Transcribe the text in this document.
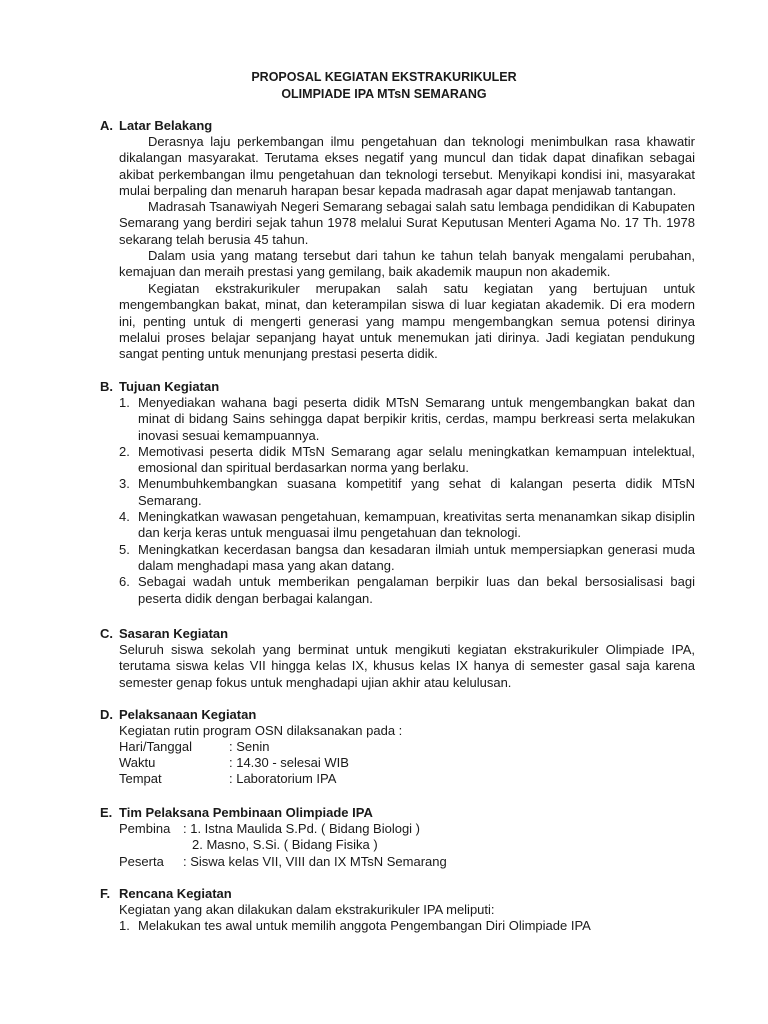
PROPOSAL KEGIATAN EKSTRAKURIKULER
OLIMPIADE IPA MTsN SEMARANG
A. Latar Belakang

Derasnya laju perkembangan ilmu pengetahuan dan teknologi menimbulkan rasa khawatir dikalangan masyarakat. Terutama ekses negatif yang muncul dan tidak dapat dinafikan sebagai akibat perkembangan ilmu pengetahuan dan teknologi tersebut. Menyikapi kondisi ini, masyarakat mulai berpaling dan menaruh harapan besar kepada madrasah agar dapat menjawab tantangan.

Madrasah Tsanawiyah Negeri Semarang sebagai salah satu lembaga pendidikan di Kabupaten Semarang yang berdiri sejak tahun 1978 melalui Surat Keputusan Menteri Agama No. 17 Th. 1978 sekarang telah berusia 45 tahun.

Dalam usia yang matang tersebut dari tahun ke tahun telah banyak mengalami perubahan, kemajuan dan meraih prestasi yang gemilang, baik akademik maupun non akademik.

Kegiatan ekstrakurikuler merupakan salah satu kegiatan yang bertujuan untuk mengembangkan bakat, minat, dan keterampilan siswa di luar kegiatan akademik. Di era modern ini, penting untuk di mengerti generasi yang mampu mengembangkan semua potensi dirinya melalui proses belajar sepanjang hayat untuk menemukan jati dirinya. Jadi kegiatan pendukung sangat penting untuk menunjang prestasi peserta didik.

B. Tujuan Kegiatan
1. Menyediakan wahana bagi peserta didik MTsN Semarang untuk mengembangkan bakat dan minat di bidang Sains sehingga dapat berpikir kritis, cerdas, mampu berkreasi serta melakukan inovasi sesuai kemampuannya.
2. Memotivasi peserta didik MTsN Semarang agar selalu meningkatkan kemampuan intelektual, emosional dan spiritual berdasarkan norma yang berlaku.
3. Menumbuhkembangkan suasana kompetitif yang sehat di kalangan peserta didik MTsN Semarang.
4. Meningkatkan wawasan pengetahuan, kemampuan, kreativitas serta menanamkan sikap disiplin dan kerja keras untuk menguasai ilmu pengetahuan dan teknologi.
5. Meningkatkan kecerdasan bangsa dan kesadaran ilmiah untuk mempersiapkan generasi muda dalam menghadapi masa yang akan datang.
6. Sebagai wadah untuk memberikan pengalaman berpikir luas dan bekal bersosialisasi bagi peserta didik dengan berbagai kalangan.
C. Sasaran Kegiatan

Seluruh siswa sekolah yang berminat untuk mengikuti kegiatan ekstrakurikuler Olimpiade IPA, terutama siswa kelas VII hingga kelas IX, khusus kelas IX hanya di semester gasal saja karena semester genap fokus untuk menghadapi ujian akhir atau kelulusan.

D. Pelaksanaan Kegiatan
Kegiatan rutin program OSN dilaksanakan pada :
Hari/Tanggal	: Senin
Waktu	: 14.30 - selesai WIB
Tempat	: Laboratorium IPA
E. Tim Pelaksana Pembinaan Olimpiade IPA
Pembina : 1. Istna Maulida S.Pd. ( Bidang Biologi )
2. Masno, S.Si. ( Bidang Fisika )
Peserta : Siswa kelas VII, VIII dan IX MTsN Semarang
F. Rencana Kegiatan
Kegiatan yang akan dilakukan dalam ekstrakurikuler IPA meliputi:
1. Melakukan tes awal untuk memilih anggota Pengembangan Diri Olimpiade IPA
